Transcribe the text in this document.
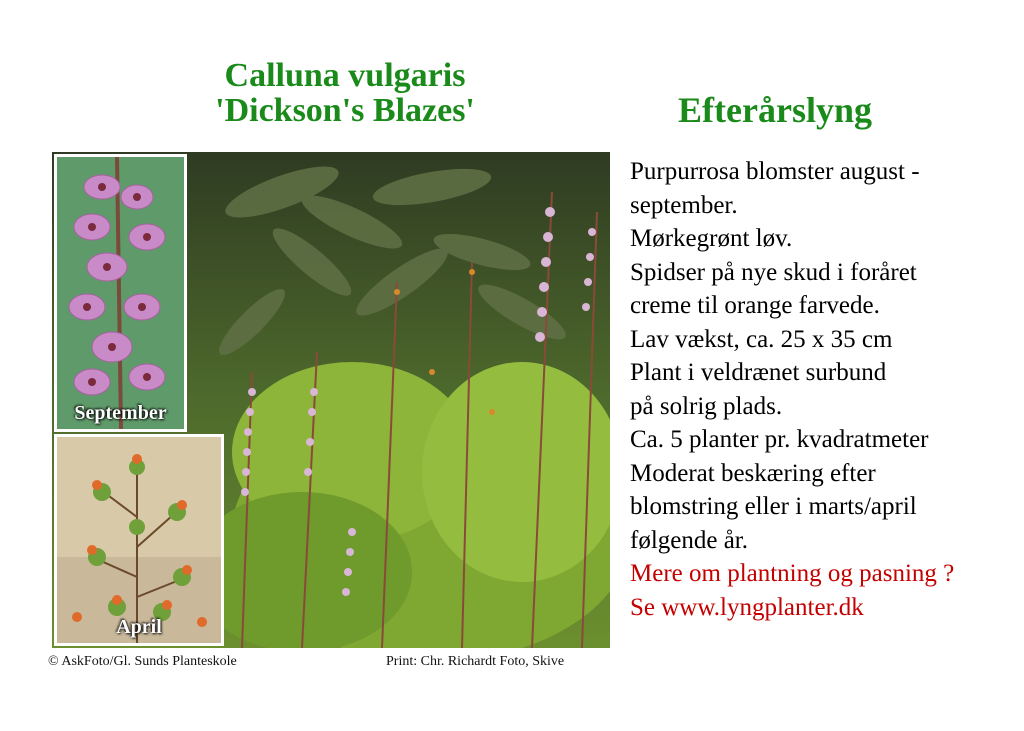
Calluna vulgaris
'Dickson's Blazes'	Efterårslyng
September
April
© AskFoto/Gl. Sunds Planteskole	Print: Chr. Richardt Foto, Skive
Purpurrosa blomster august -
september.
Mørkegrønt løv.
Spidser på nye skud i foråret
creme til orange farvede.
Lav vækst, ca. 25 x 35 cm
Plant i veldrænet surbund
på solrig plads.
Ca. 5 planter pr. kvadratmeter
Moderat beskæring efter
blomstring eller i marts/april
følgende år.
Mere om plantning og pasning ?
Se www.lyngplanter.dk
